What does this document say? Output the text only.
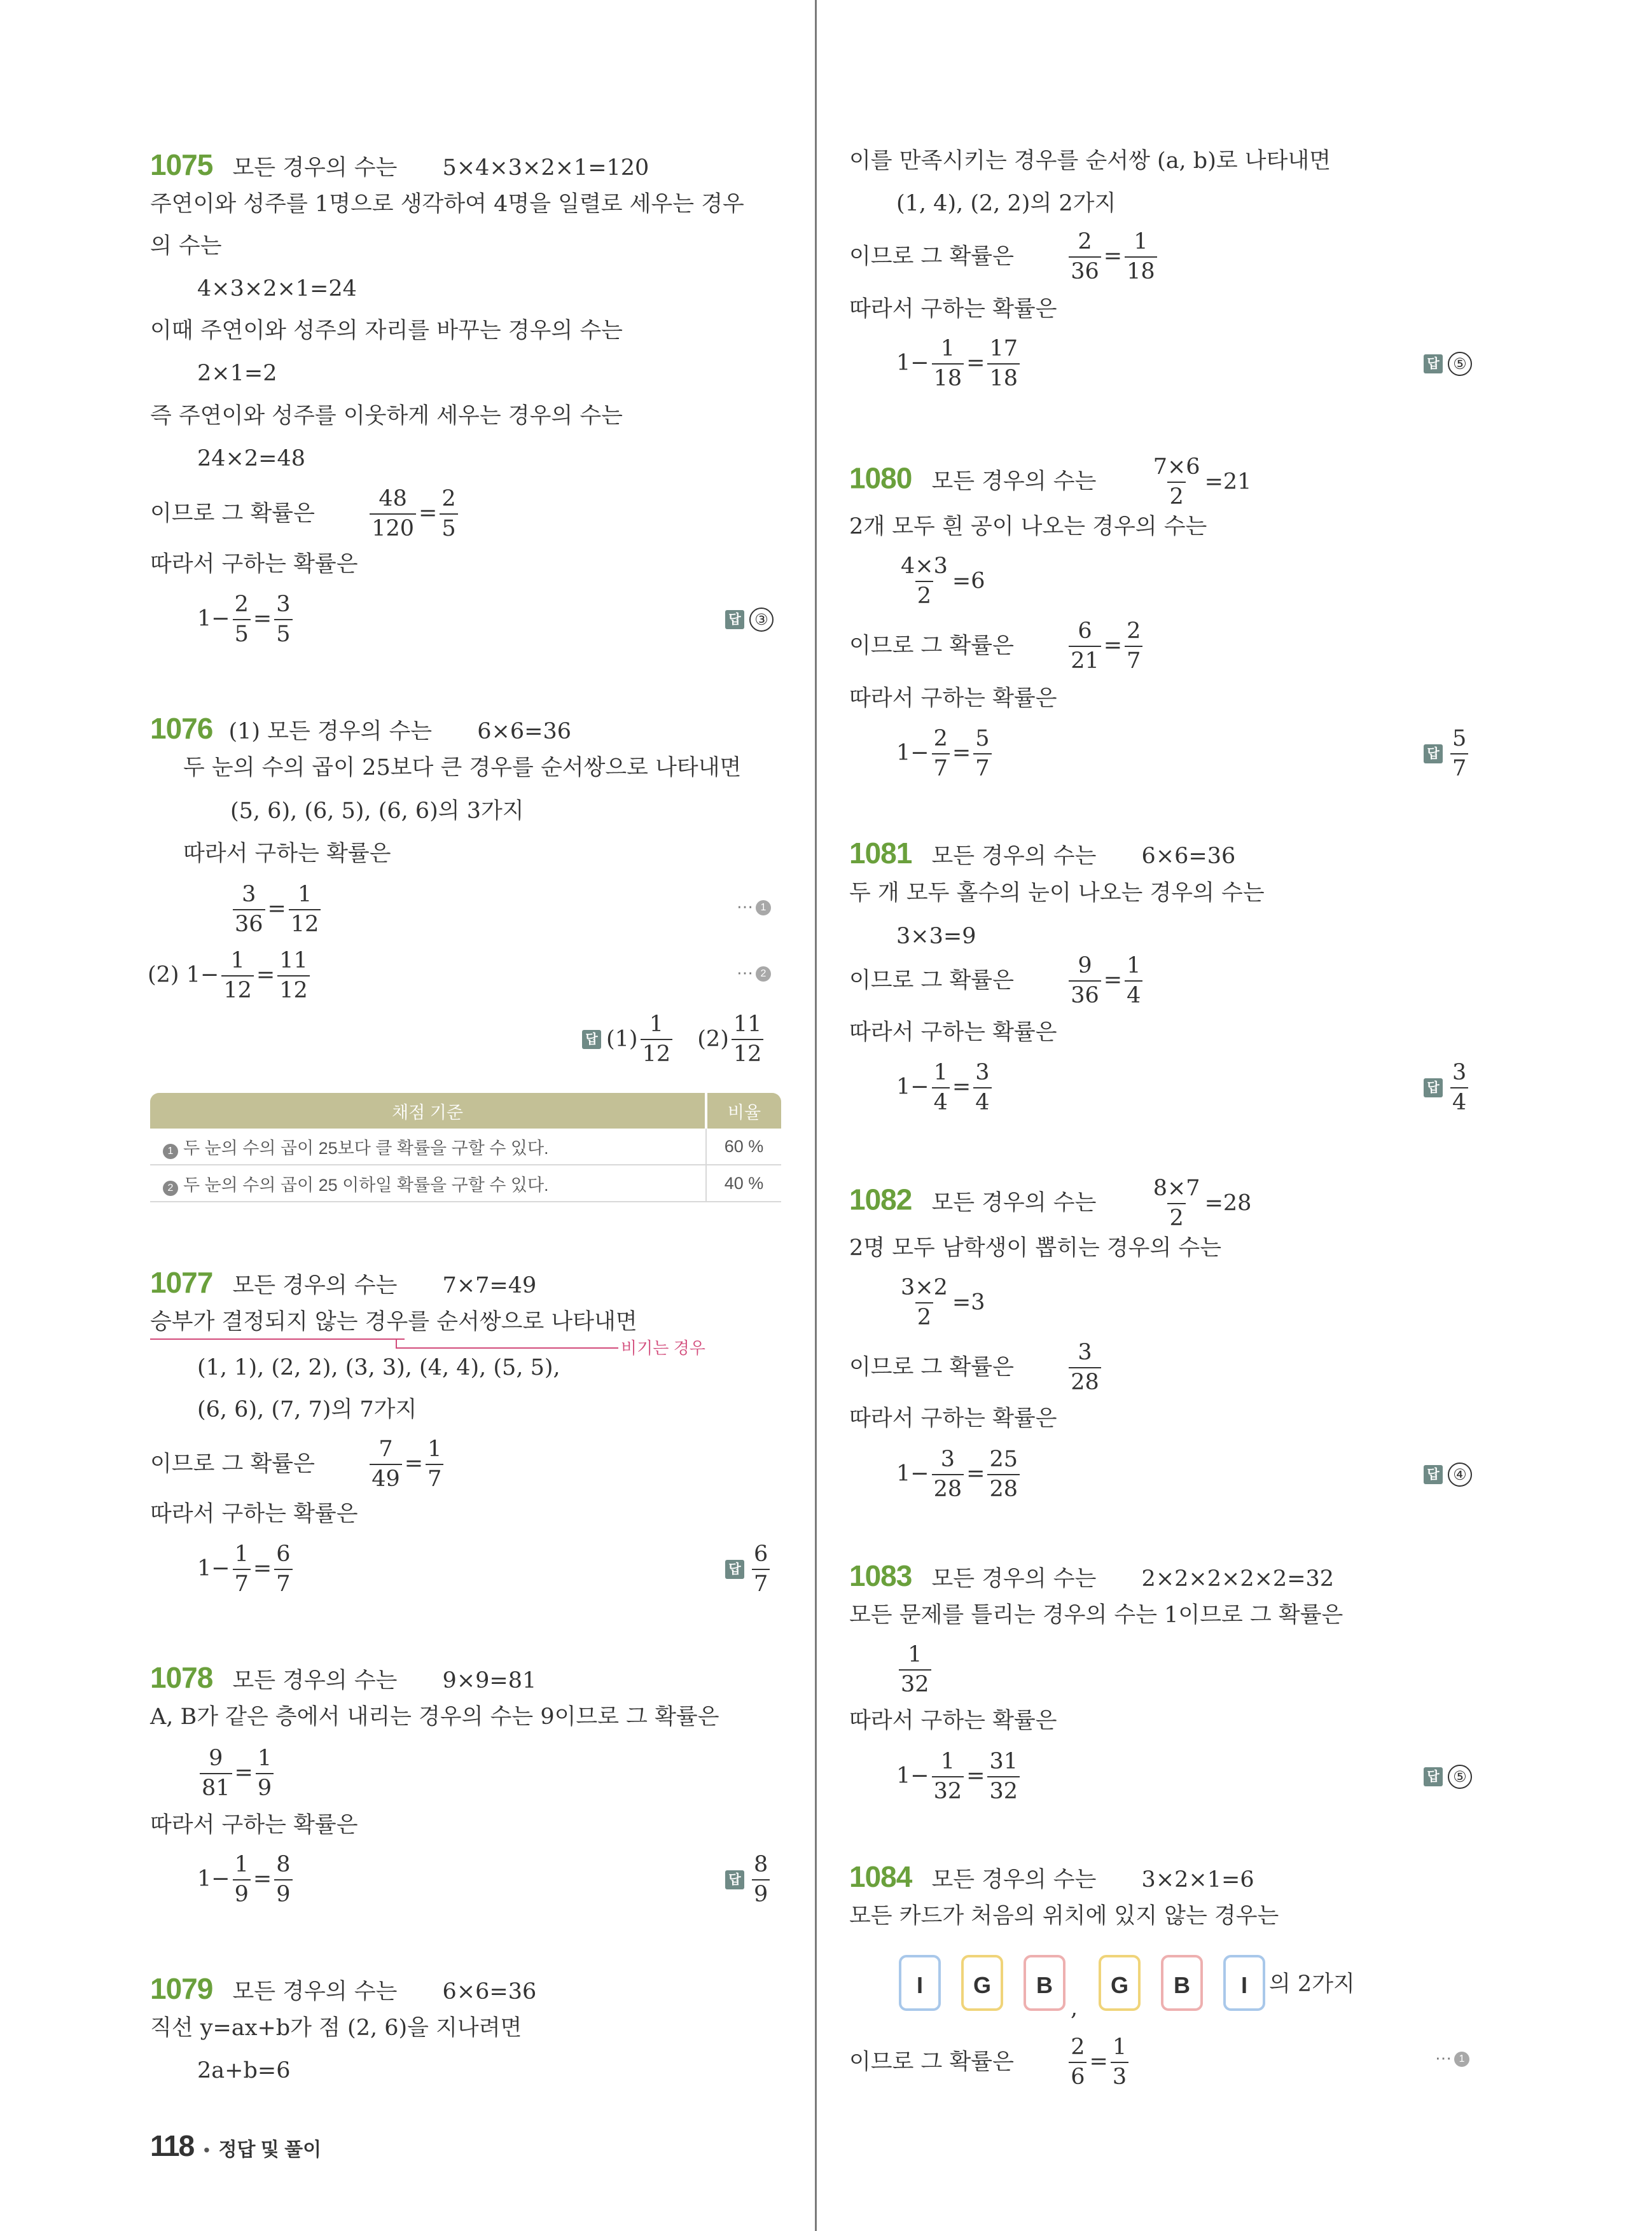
1075 모든 경우의 수는 5×4×3×2×1=120
주연이와 성주를 1명으로 생각하여 4명을 일렬로 세우는 경우
의 수는
4×3×2×1=24
이때 주연이와 성주의 자리를 바꾸는 경우의 수는
2×1=2
즉 주연이와 성주를 이웃하게 세우는 경우의 수는
24×2=48
이므로 그 확률은 $\frac{48}{120} = \frac{2}{5}$
따라서 구하는 확률은
$1- \frac{2}{5} = \frac{3}{5}$	답 ③
1076 (1) 모든 경우의 수는 6×6=36
두 눈의 수의 곱이 25보다 큰 경우를 순서쌍으로 나타내면
(5, 6), (6, 5), (6, 6)의 3가지
따라서 구하는 확률은
$\frac{3}{36} = \frac{1}{12}$	⋯ 1
(2) $1- \frac{1}{12} = \frac{11}{12}$	⋯ 2
답 $(1) \frac{1}{12} (2) \frac{11}{12}$
채점 기준	비율
1 두 눈의 수의 곱이 25보다 클 확률을 구할 수 있다.	60 %
2 두 눈의 수의 곱이 25 이하일 확률을 구할 수 있다.	40 %
1077 모든 경우의 수는 7×7=49
승부가 결정되지 않는 경우를 순서쌍으로 나타내면
비기는 경우
(1, 1), (2, 2), (3, 3), (4, 4), (5, 5),
(6, 6), (7, 7)의 7가지
이므로 그 확률은 $\frac{7}{49} = \frac{1}{7}$
따라서 구하는 확률은
$1- \frac{1}{7} = \frac{6}{7}$	답 $\frac{6}{7}$
1078 모든 경우의 수는 9×9=81
A, B가 같은 층에서 내리는 경우의 수는 9이므로 그 확률은
$\frac{9}{81} = \frac{1}{9}$
따라서 구하는 확률은
$1- \frac{1}{9} = \frac{8}{9}$	답 $\frac{8}{9}$
1079 모든 경우의 수는 6×6=36
직선 y=ax+b가 점 (2, 6)을 지나려면
2a+b=6
118 • 정답 및 풀이
이를 만족시키는 경우를 순서쌍 (a, b)로 나타내면
(1, 4), (2, 2)의 2가지
이므로 그 확률은 $\frac{2}{36} = \frac{1}{18}$
따라서 구하는 확률은
$1- \frac{1}{18} = \frac{17}{18}$	답 ⑤
1080 모든 경우의 수는 $\frac{7\times 6}{2} =21$
2개 모두 흰 공이 나오는 경우의 수는
$\frac{4\times 3}{2} =6$
이므로 그 확률은 $\frac{6}{21} = \frac{2}{7}$
따라서 구하는 확률은
$1- \frac{2}{7} = \frac{5}{7}$	답 $\frac{5}{7}$
1081 모든 경우의 수는 6×6=36
두 개 모두 홀수의 눈이 나오는 경우의 수는
3×3=9
이므로 그 확률은 $\frac{9}{36} = \frac{1}{4}$
따라서 구하는 확률은
$1- \frac{1}{4} = \frac{3}{4}$	답 $\frac{3}{4}$
1082 모든 경우의 수는 $\frac{8\times 7}{2} =28$
2명 모두 남학생이 뽑히는 경우의 수는
$\frac{3\times 2}{2} =3$
이므로 그 확률은 $\frac{3}{28}$
따라서 구하는 확률은
$1- \frac{3}{28} = \frac{25}{28}$	답 ④
1083 모든 경우의 수는 2×2×2×2×2=32
모든 문제를 틀리는 경우의 수는 1이므로 그 확률은
$\frac{1}{32}$
따라서 구하는 확률은
$1- \frac{1}{32} = \frac{31}{32}$	답 ⑤
1084 모든 경우의 수는 3×2×1=6
모든 카드가 처음의 위치에 있지 않는 경우는
I	G	B
,
G	B	I 의 2가지
이므로 그 확률은 $\frac{2}{6} = \frac{1}{3}$	⋯ 1
